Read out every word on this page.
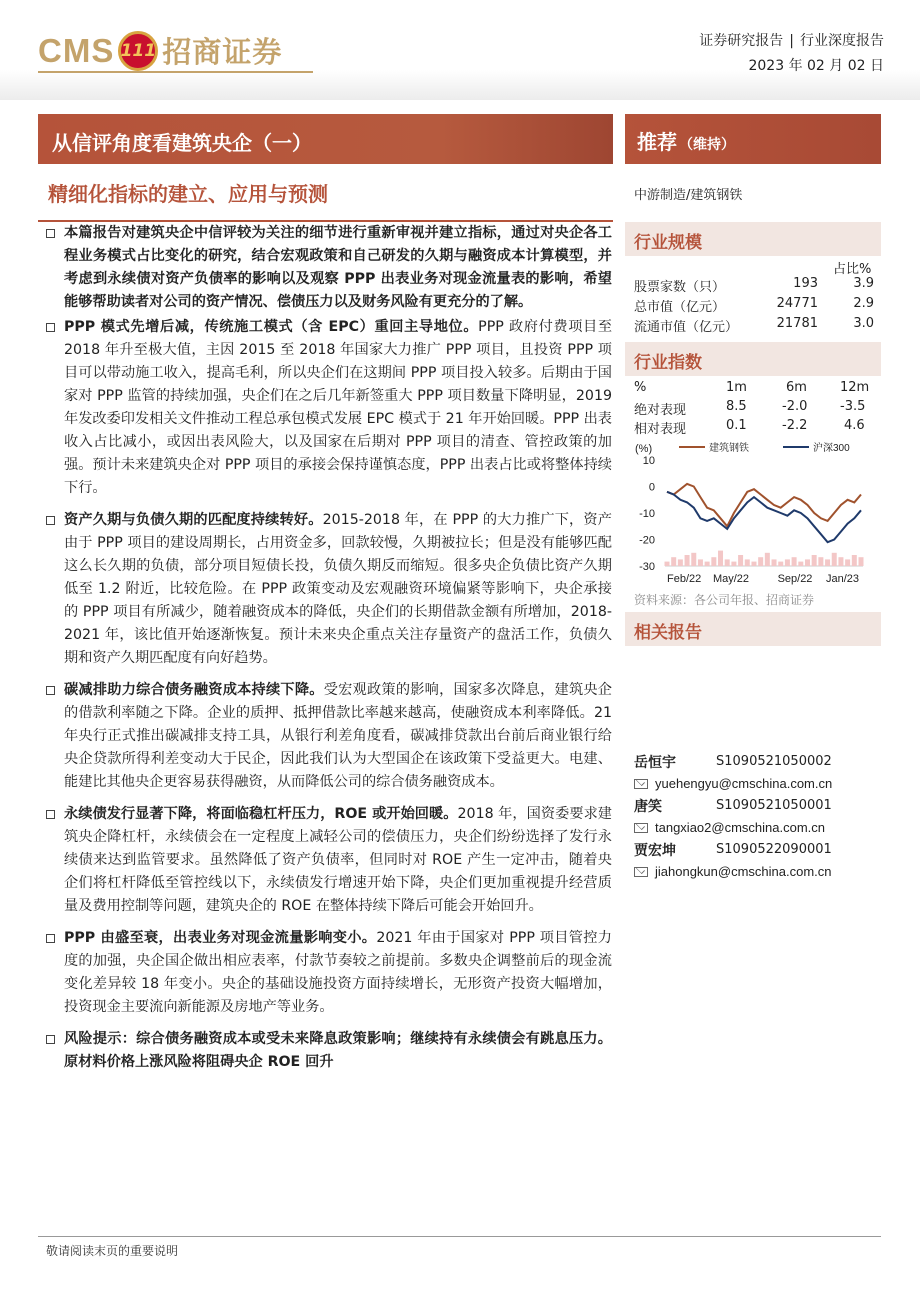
CMS 111 招商证券	证券研究报告 | 行业深度报告
2023 年 02 月 02 日
从信评角度看建筑央企（一）	推荐 （维持）
精细化指标的建立、应用与预测
本篇报告对建筑央企中信评较为关注的细节进行重新审视并建立指标，通过对央企各工程业务模式占比变化的研究，结合宏观政策和自己研发的久期与融资成本计算模型，并考虑到永续债对资产负债率的影响以及观察 PPP 出表业务对现金流量表的影响，希望能够帮助读者对公司的资产情况、偿债压力以及财务风险有更充分的了解。
PPP 模式先增后减，传统施工模式（含 EPC）重回主导地位。PPP 政府付费项目至 2018 年升至极大值，主因 2015 至 2018 年国家大力推广 PPP 项目，且投资 PPP 项目可以带动施工收入，提高毛利，所以央企们在这期间 PPP 项目投入较多。后期由于国家对 PPP 监管的持续加强，央企们在之后几年新签重大 PPP 项目数量下降明显，2019 年发改委印发相关文件推动工程总承包模式发展 EPC 模式于 21 年开始回暖。PPP 出表收入占比减小，或因出表风险大，以及国家在后期对 PPP 项目的清查、管控政策的加强。预计未来建筑央企对 PPP 项目的承接会保持谨慎态度，PPP 出表占比或将整体持续下行。
资产久期与负债久期的匹配度持续转好。2015-2018 年，在 PPP 的大力推广下，资产由于 PPP 项目的建设周期长，占用资金多，回款较慢，久期被拉长；但是没有能够匹配这么长久期的负债，部分项目短债长投，负债久期反而缩短。很多央企负债比资产久期低至 1.2 附近，比较危险。在 PPP 政策变动及宏观融资环境偏紧等影响下，央企承接的 PPP 项目有所减少，随着融资成本的降低，央企们的长期借款金额有所增加，2018-2021 年，该比值开始逐渐恢复。预计未来央企重点关注存量资产的盘活工作，负债久期和资产久期匹配度有向好趋势。
碳减排助力综合债务融资成本持续下降。受宏观政策的影响，国家多次降息，建筑央企的借款利率随之下降。企业的质押、抵押借款比率越来越高，使融资成本利率降低。21 年央行正式推出碳减排支持工具，从银行利差角度看，碳减排贷款出台前后商业银行给央企贷款所得利差变动大于民企，因此我们认为大型国企在该政策下受益更大。电建、能建比其他央企更容易获得融资，从而降低公司的综合债务融资成本。
永续债发行显著下降，将面临稳杠杆压力，ROE 或开始回暖。2018 年，国资委要求建筑央企降杠杆，永续债会在一定程度上减轻公司的偿债压力，央企们纷纷选择了发行永续债来达到监管要求。虽然降低了资产负债率，但同时对 ROE 产生一定冲击，随着央企们将杠杆降低至管控线以下，永续债发行增速开始下降，央企们更加重视提升经营质量及费用控制等问题，建筑央企的 ROE 在整体持续下降后可能会开始回升。
PPP 由盛至衰，出表业务对现金流量影响变小。2021 年由于国家对 PPP 项目管控力度的加强，央企国企做出相应表率，付款节奏较之前提前。多数央企调整前后的现金流变化差异较 18 年变小。央企的基础设施投资方面持续增长，无形资产投资大幅增加，投资现金主要流向新能源及房地产等业务。
风险提示：综合债务融资成本或受未来降息政策影响；继续持有永续债会有跳息压力。原材料价格上涨风险将阻碍央企 ROE 回升
中游制造/建筑钢铁
行业规模
占比%
股票家数（只）	193	3.9
总市值（亿元）	24771	2.9
流通市值（亿元）	21781	3.0
行业指数
%	1m	6m	12m
绝对表现	8.5	-2.0	-3.5
相对表现	0.1	-2.2	4.6
(%)
10
0
-10
-20
-30
建筑钢铁	沪深300
Feb/22 May/22	Sep/22 Jan/23
资料来源：各公司年报、招商证券
相关报告
岳恒宇	S1090521050002
yuehengyu@cmschina.com.cn
唐笑	S1090521050001
tangxiao2@cmschina.com.cn
贾宏坤	S1090522090001
jiahongkun@cmschina.com.cn
敬请阅读末页的重要说明
